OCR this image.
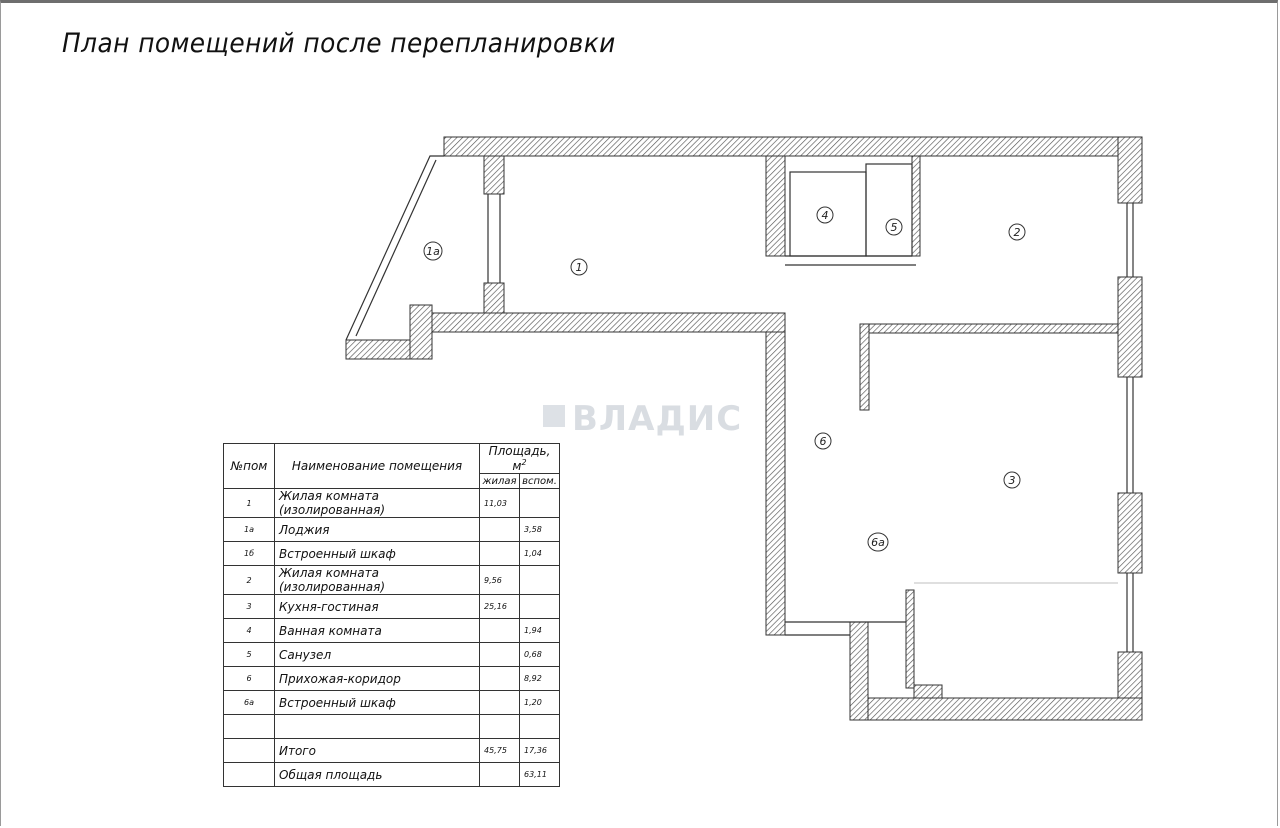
План помещений после перепланировки
ВЛАДИС
1а
1
4
5	2
6
3
6а
№пом	Наименование помещения	Площадь, $м^2$
		жилая	вспом.
1	Жилая комната (изолированная)	11,03	
1а	Лоджия		3,58
1б	Встроенный шкаф		1,04
2	Жилая комната (изолированная)	9,56	
3	Кухня-гостиная	25,16	
4	Ванная комната		1,94
5	Санузел		0,68
6	Прихожая-коридор		8,92
6а	Встроенный шкаф		1,20

	Итого	45,75	17,36
	Общая площадь		63,11
